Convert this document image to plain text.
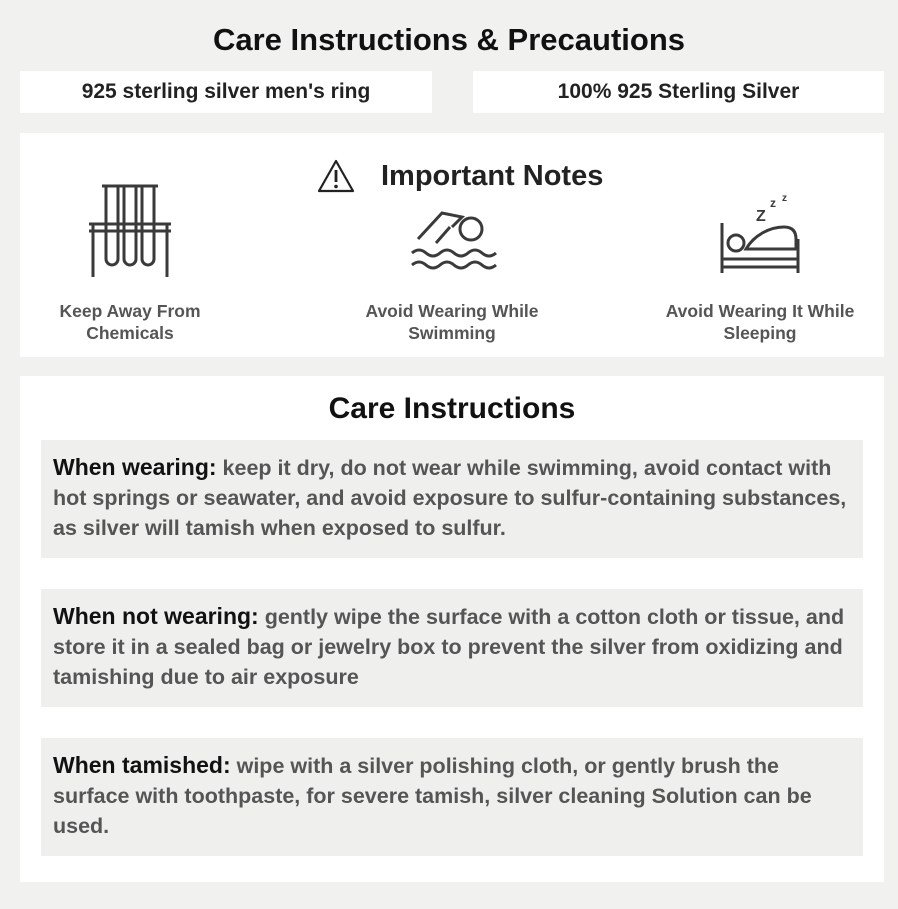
Care Instructions & Precautions
925 sterling silver men's ring	100% 925 Sterling Silver
Important Notes
Keep Away From
Chemicals
Avoid Wearing While
Swimming
Z
z z
Avoid Wearing It While
Sleeping
Care Instructions
When wearing: keep it dry, do not wear while swimming, avoid contact with hot springs or seawater, and avoid exposure to sulfur-containing substances, as silver will tamish when exposed to sulfur.
When not wearing: gently wipe the surface with a cotton cloth or tissue, and store it in a sealed bag or jewelry box to prevent the silver from oxidizing and tamishing due to air exposure
When tamished: wipe with a silver polishing cloth, or gently brush the surface with toothpaste, for severe tamish, silver cleaning Solution can be used.
